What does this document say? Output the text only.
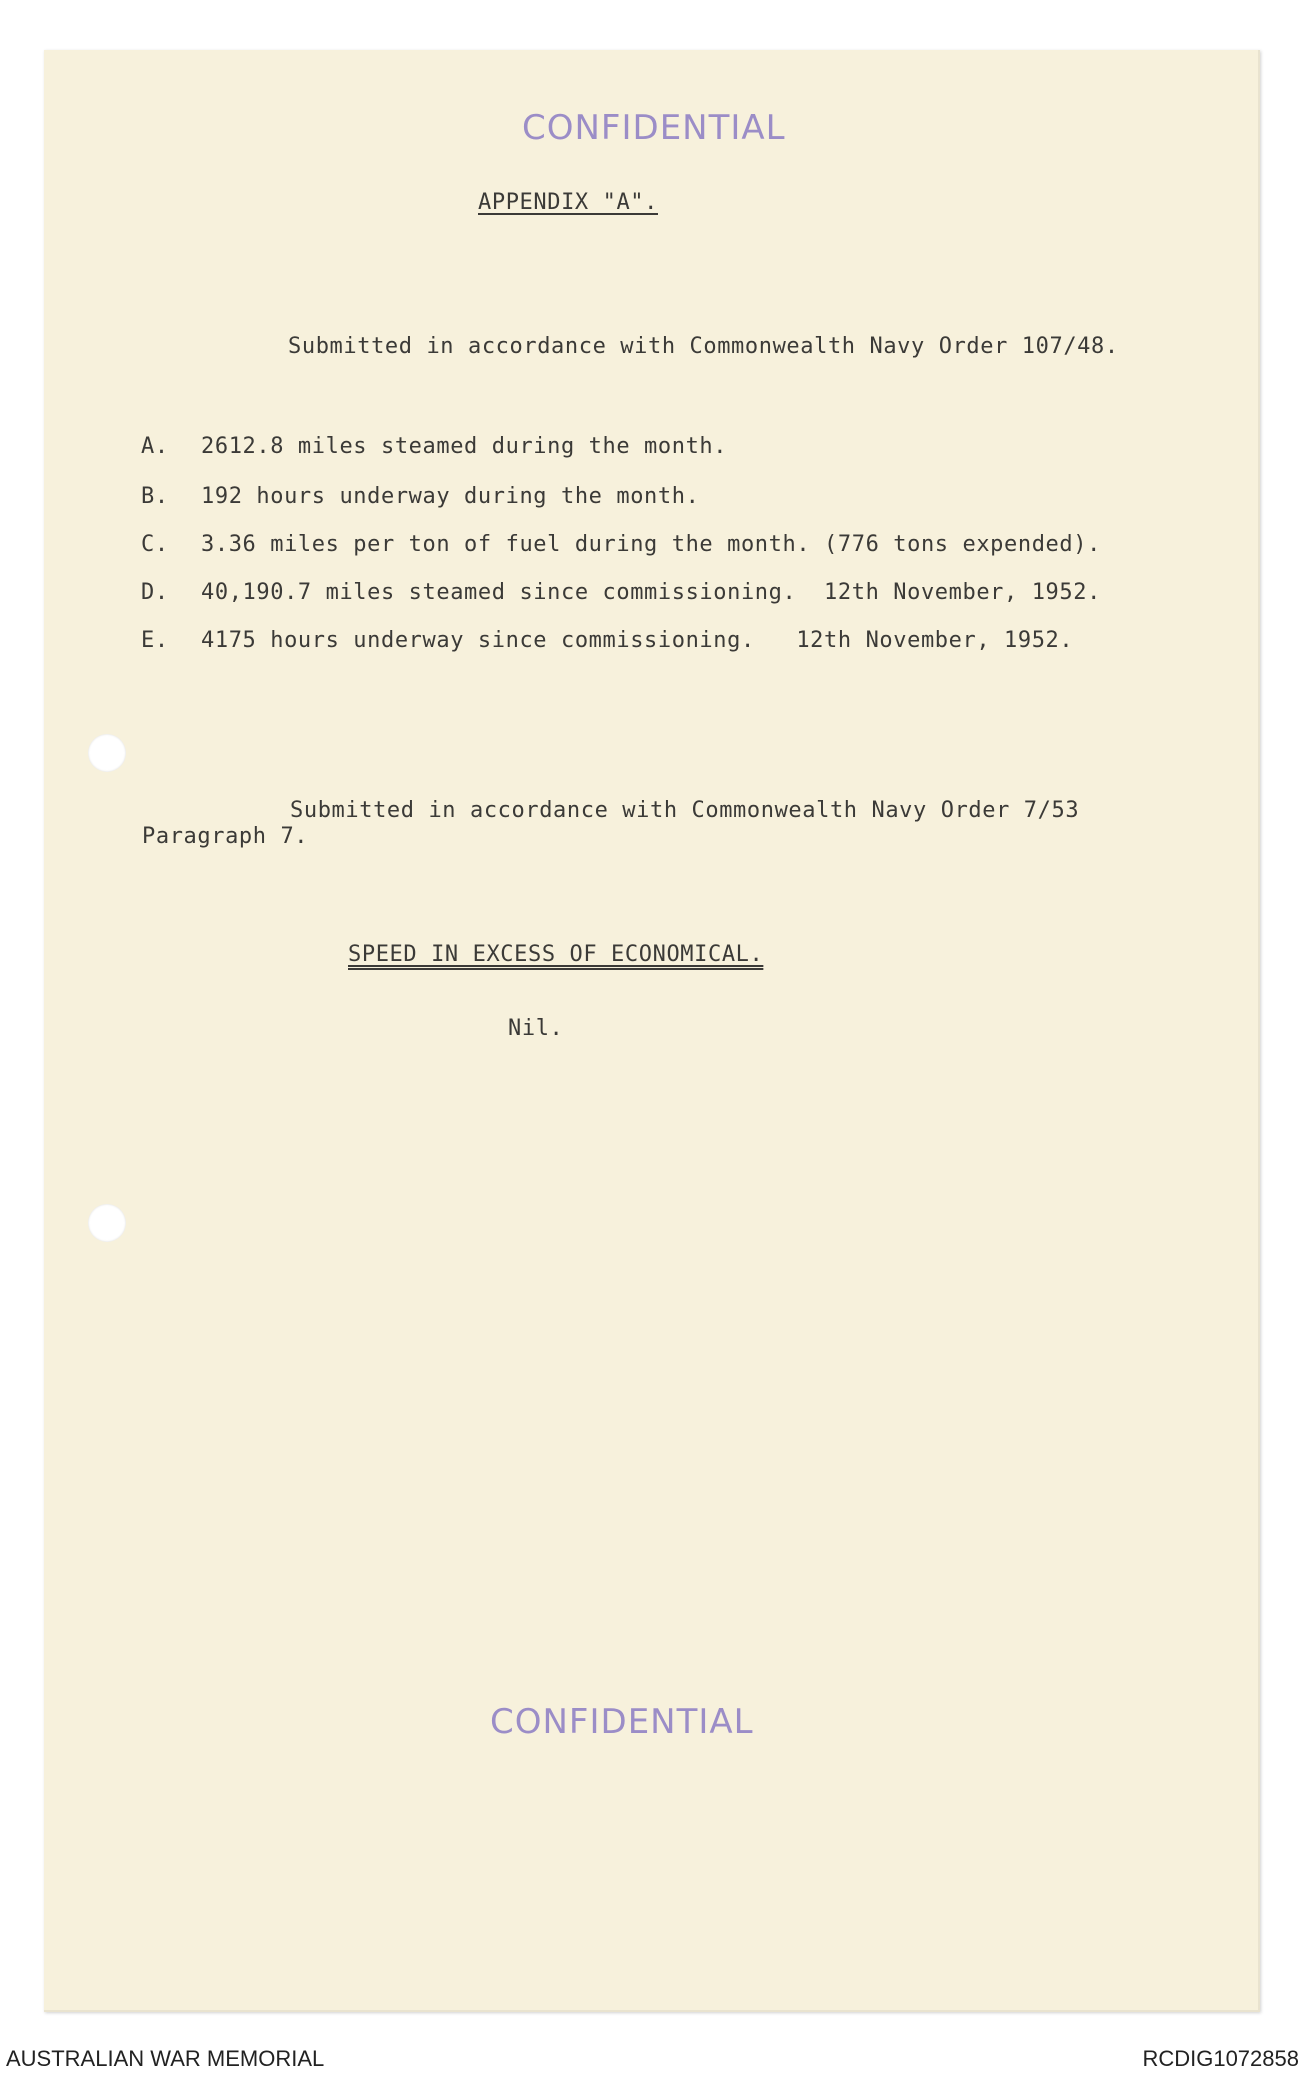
CONFIDENTIAL
APPENDIX "A".
Submitted in accordance with Commonwealth Navy Order 107/48.
A. 2612.8 miles steamed during the month.
B. 192 hours underway during the month.
C. 3.36 miles per ton of fuel during the month. (776 tons expended).
D. 40,190.7 miles steamed since commissioning.  12th November, 1952.
E. 4175 hours underway since commissioning.   12th November, 1952.
Submitted in accordance with Commonwealth Navy Order 7/53
Paragraph 7.
SPEED IN EXCESS OF ECONOMICAL.
Nil.
CONFIDENTIAL
AUSTRALIAN WAR MEMORIAL	RCDIG1072858
